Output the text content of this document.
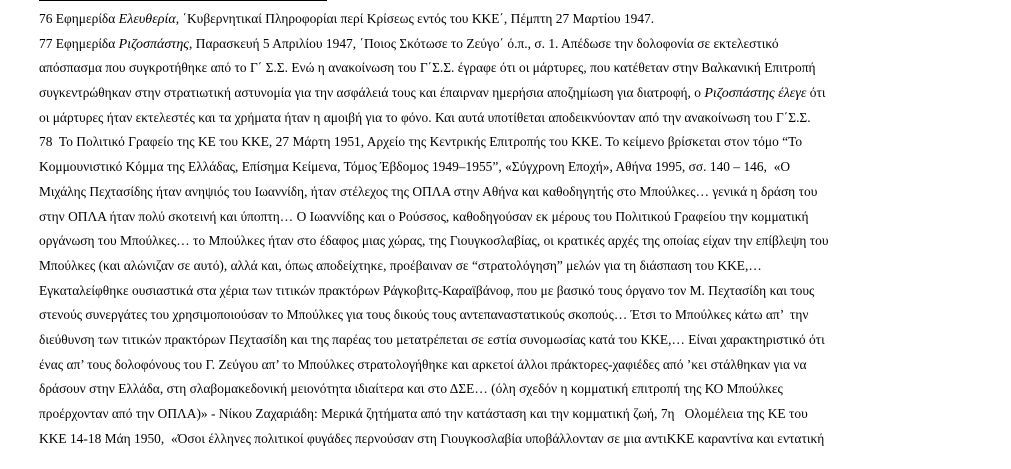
76 Εφημερίδα Ελευθερία, ΄Κυβερνητικαί Πληροφορίαι περί Κρίσεως εντός του ΚΚΕ΄, Πέμπτη 27 Μαρτίου 1947.
77 Εφημερίδα Ριζοσπάστης, Παρασκευή 5 Απριλίου 1947, ΄Ποιος Σκότωσε το Ζεύγο΄ ό.π., σ. 1. Απέδωσε την δολοφονία σε εκτελεστικό
απόσπασμα που συγκροτήθηκε από το Γ΄ Σ.Σ. Ενώ η ανακοίνωση του Γ΄Σ.Σ. έγραφε ότι οι μάρτυρες, που κατέθεταν στην Βαλκανική Επιτροπή
συγκεντρώθηκαν στην στρατιωτική αστυνομία για την ασφάλειά τους και έπαιρναν ημερήσια αποζημίωση για διατροφή, ο Ριζοσπάστης έλεγε ότι
οι μάρτυρες ήταν εκτελεστές και τα χρήματα ήταν η αμοιβή για το φόνο. Και αυτά υποτίθεται αποδεικνύονταν από την ανακοίνωση του Γ΄Σ.Σ.
78  Το Πολιτικό Γραφείο της ΚΕ του ΚΚΕ, 27 Μάρτη 1951, Αρχείο της Κεντρικής Επιτροπής του ΚΚΕ. Το κείμενο βρίσκεται στον τόμο “Το
Κομμουνιστικό Κόμμα της Ελλάδας, Επίσημα Κείμενα, Τόμος Έβδομος 1949–1955”, «Σύγχρονη Εποχή», Αθήνα 1995, σσ. 140 – 146,  «Ο
Μιχάλης Πεχτασίδης ήταν ανηψιός του Ιωαννίδη, ήταν στέλεχος της ΟΠΛΑ στην Αθήνα και καθοδηγητής στο Μπούλκες… γενικά η δράση του
στην ΟΠΛΑ ήταν πολύ σκοτεινή και ύποπτη… Ο Ιωαννίδης και ο Ρούσσος, καθοδηγούσαν εκ μέρους του Πολιτικού Γραφείου την κομματική
οργάνωση του Μπούλκες… το Μπούλκες ήταν στο έδαφος μιας χώρας, της Γιουγκοσλαβίας, οι κρατικές αρχές της οποίας είχαν την επίβλεψη του
Μπούλκες (και αλώνιζαν σε αυτό), αλλά και, όπως αποδείχτηκε, προέβαιναν σε “στρατολόγηση” μελών για τη διάσπαση του ΚΚΕ,…
Εγκαταλείφθηκε ουσιαστικά στα χέρια των τιτικών πρακτόρων Ράγκοβιτς-Καραϊβάνοφ, που με βασικό τους όργανο τον Μ. Πεχτασίδη και τους
στενούς συνεργάτες του χρησιμοποιούσαν το Μπούλκες για τους δικούς τους αντεπαναστατικούς σκοπούς… Έτσι το Μπούλκες κάτω απ’  την
διεύθυνση των τιτικών πρακτόρων Πεχτασίδη και της παρέας του μετατρέπεται σε εστία συνομωσίας κατά του ΚΚΕ,… Είναι χαρακτηριστικό ότι
ένας απ’ τους δολοφόνους του Γ. Ζεύγου απ’ το Μπούλκες στρατολογήθηκε και αρκετοί άλλοι πράκτορες-χαφιέδες από ’κει στάλθηκαν για να
δράσουν στην Ελλάδα, στη σλαβομακεδονική μειονότητα ιδιαίτερα και στο ΔΣΕ… (όλη σχεδόν η κομματική επιτροπή της ΚΟ Μπούλκες
προέρχονταν από την ΟΠΛΑ)» - Νίκου Ζαχαριάδη: Μερικά ζητήματα από την κατάσταση και την κομματική ζωή, 7η   Ολομέλεια της ΚΕ του
ΚΚΕ 14-18 Μάη 1950,  «Όσοι έλληνες πολιτικοί φυγάδες περνούσαν στη Γιουγκοσλαβία υποβάλλονταν σε μια αντιΚΚΕ καραντίνα και εντατική
